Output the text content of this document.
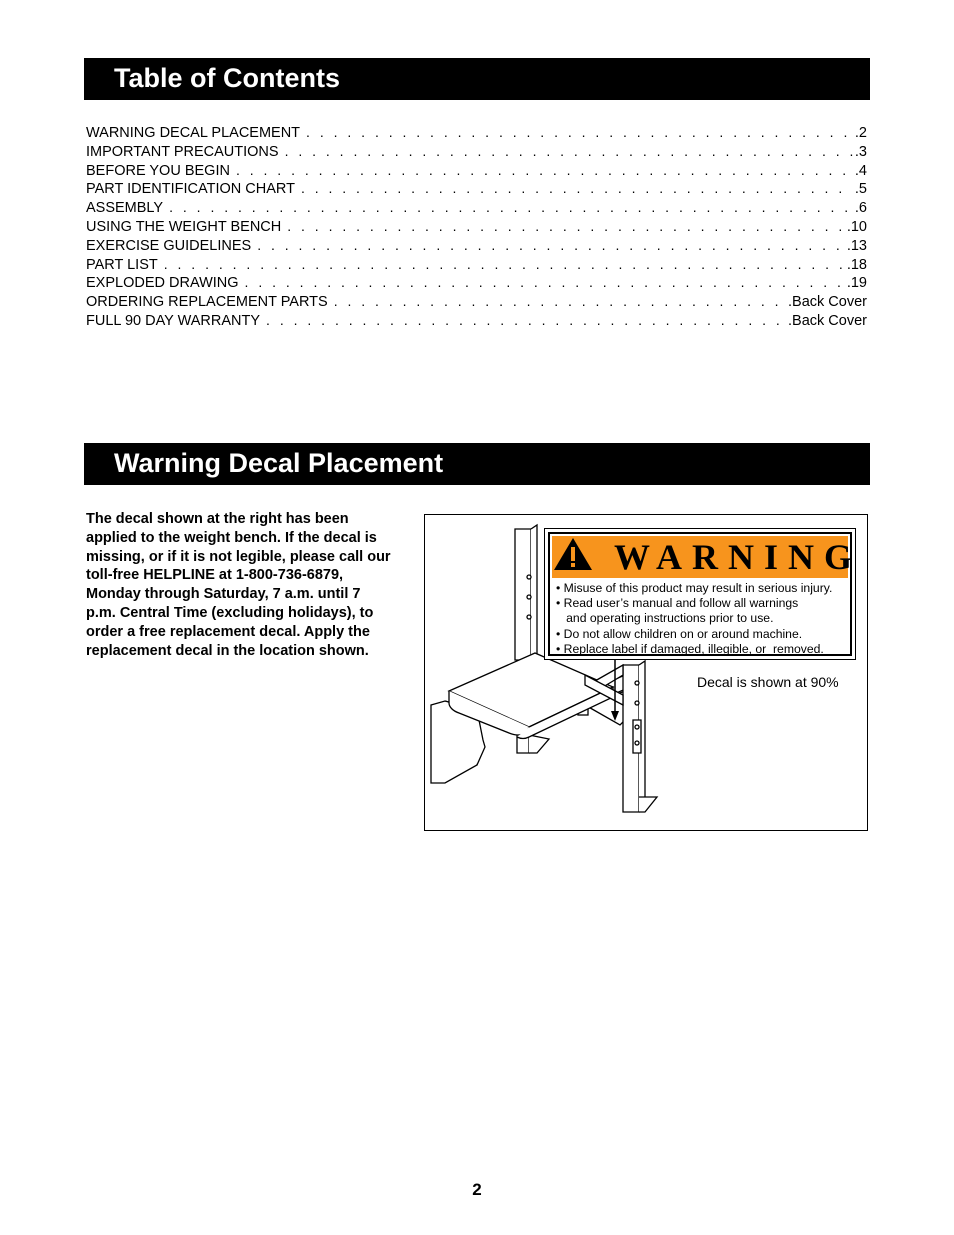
Table of Contents
WARNING DECAL PLACEMENT . . .	.2
IMPORTANT PRECAUTIONS . . .	.3
BEFORE YOU BEGIN . . .	.4
PART IDENTIFICATION CHART . . .	.5
ASSEMBLY . . .	.6
USING THE WEIGHT BENCH . . .	.10
EXERCISE GUIDELINES . . .	.13
PART LIST . . .	.18
EXPLODED DRAWING . . .	.19
ORDERING REPLACEMENT PARTS . . .	.Back Cover
FULL 90 DAY WARRANTY . . .	.Back Cover
Warning Decal Placement

The decal shown at the right has been applied to the weight bench. If the decal is missing, or if it is not legible, please call our toll-free HELPLINE at 1-800-736-6879, Monday through Saturday, 7 a.m. until 7 p.m. Central Time (excluding holidays), to order a free replacement decal. Apply the replacement decal in the location shown.

WARNING
• Misuse of this product may result in serious injury.
• Read user’s manual and follow all warnings
and operating instructions prior to use.
• Do not allow children on or around machine.
• Replace label if damaged, illegible, or  removed.
Decal is shown at 90%
2
